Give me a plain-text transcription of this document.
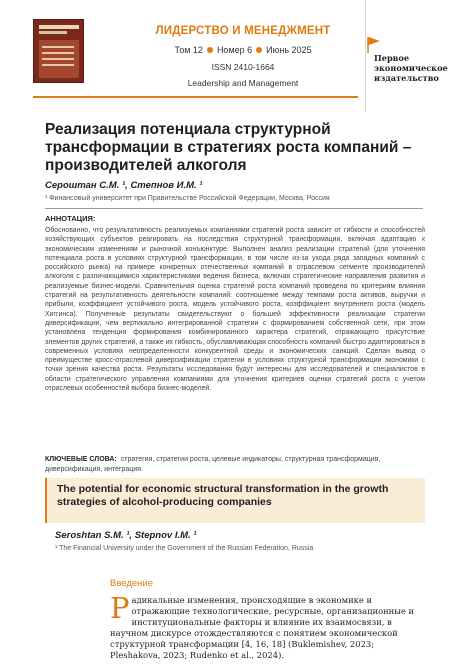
ЛИДЕРСТВО И МЕНЕДЖМЕНТ
Том 12 Номер 6 Июнь 2025
ISSN 2410-1664
Leadership and Management
Первое экономическое издательство
Реализация потенциала структурной трансформации в стратегиях роста компаний – производителей алкоголя
Сероштан С.М. ¹, Степнов И.М. ¹
¹ Финансовый университет при Правительстве Российской Федерации, Москва, Россия
АННОТАЦИЯ:
Обоснованно, что результативность реализуемых компаниями стратегий роста зависит от гибкости и способностей хозяйствующих субъектов реагировать на последствия структурной трансформации, включая адаптацию к экономическим изменениям и рыночной конъюнктуре. Выполнен анализ реализации стратегий (для уточнения потенциала роста в условиях структурной трансформации, в том числе из-за ухода ряда западных компаний с российского рынка) на примере конкретных отечественных компаний в отраслевом сегменте производителей алкоголя с различающимися характеристиками ведения бизнеса, включая стратегические направления развития и реализуемые бизнес-модели. Сравнительная оценка стратегий роста компаний проведена по критериям влияния стратегий на результативность деятельности компаний: соотношение между темпами роста активов, выручки и прибыли, коэффициент устойчивого роста, модель устойчивого роста, коэффициент внутреннего роста (модель Хиггинса). Полученные результаты свидетельствуют о большей эффективности реализации стратегии диверсификации, чем вертикально интегрированной стратегии с формированием собственной сети, при этом установлена тенденция формирования комбинированного характера стратегий, отражающего присутствие элементов других стратегий, а также их гибкость, обуславливающая способность компаний быстро адаптироваться в современных условиях неопределенности конкурентной среды и экономических санкций. Сделан вывод о преимуществе кросс-отраслевой диверсификации стратегии в условиях структурной трансформации экономики с точки зрения качества роста. Результаты исследования будут интересны для исследователей и специалистов в области стратегического управления компаниями для уточнения критериев оценки стратегий роста с учетом отраслевых особенностей выбора бизнес-моделей.
КЛЮЧЕВЫЕ СЛОВА: стратегия, стратегии роста, целевые индикаторы, структурная трансформация, диверсификация, интеграция.
The potential for economic structural transformation in the growth strategies of alcohol-producing companies
Seroshtan S.M. ¹, Stepnov I.M. ¹
¹ The Financial University under the Government of the Russian Federation, Russia
Введение
Радикальные изменения, происходящие в экономике и отражающие технологические, ресурсные, организационные и институциональные факторы и влияние их взаимосвязи, в научном дискурсе отождествляются с понятием экономической структурной трансформации [4, 16, 18] (Buklemishev, 2023; Pleshakova, 2023; Rudenko et al., 2024).
